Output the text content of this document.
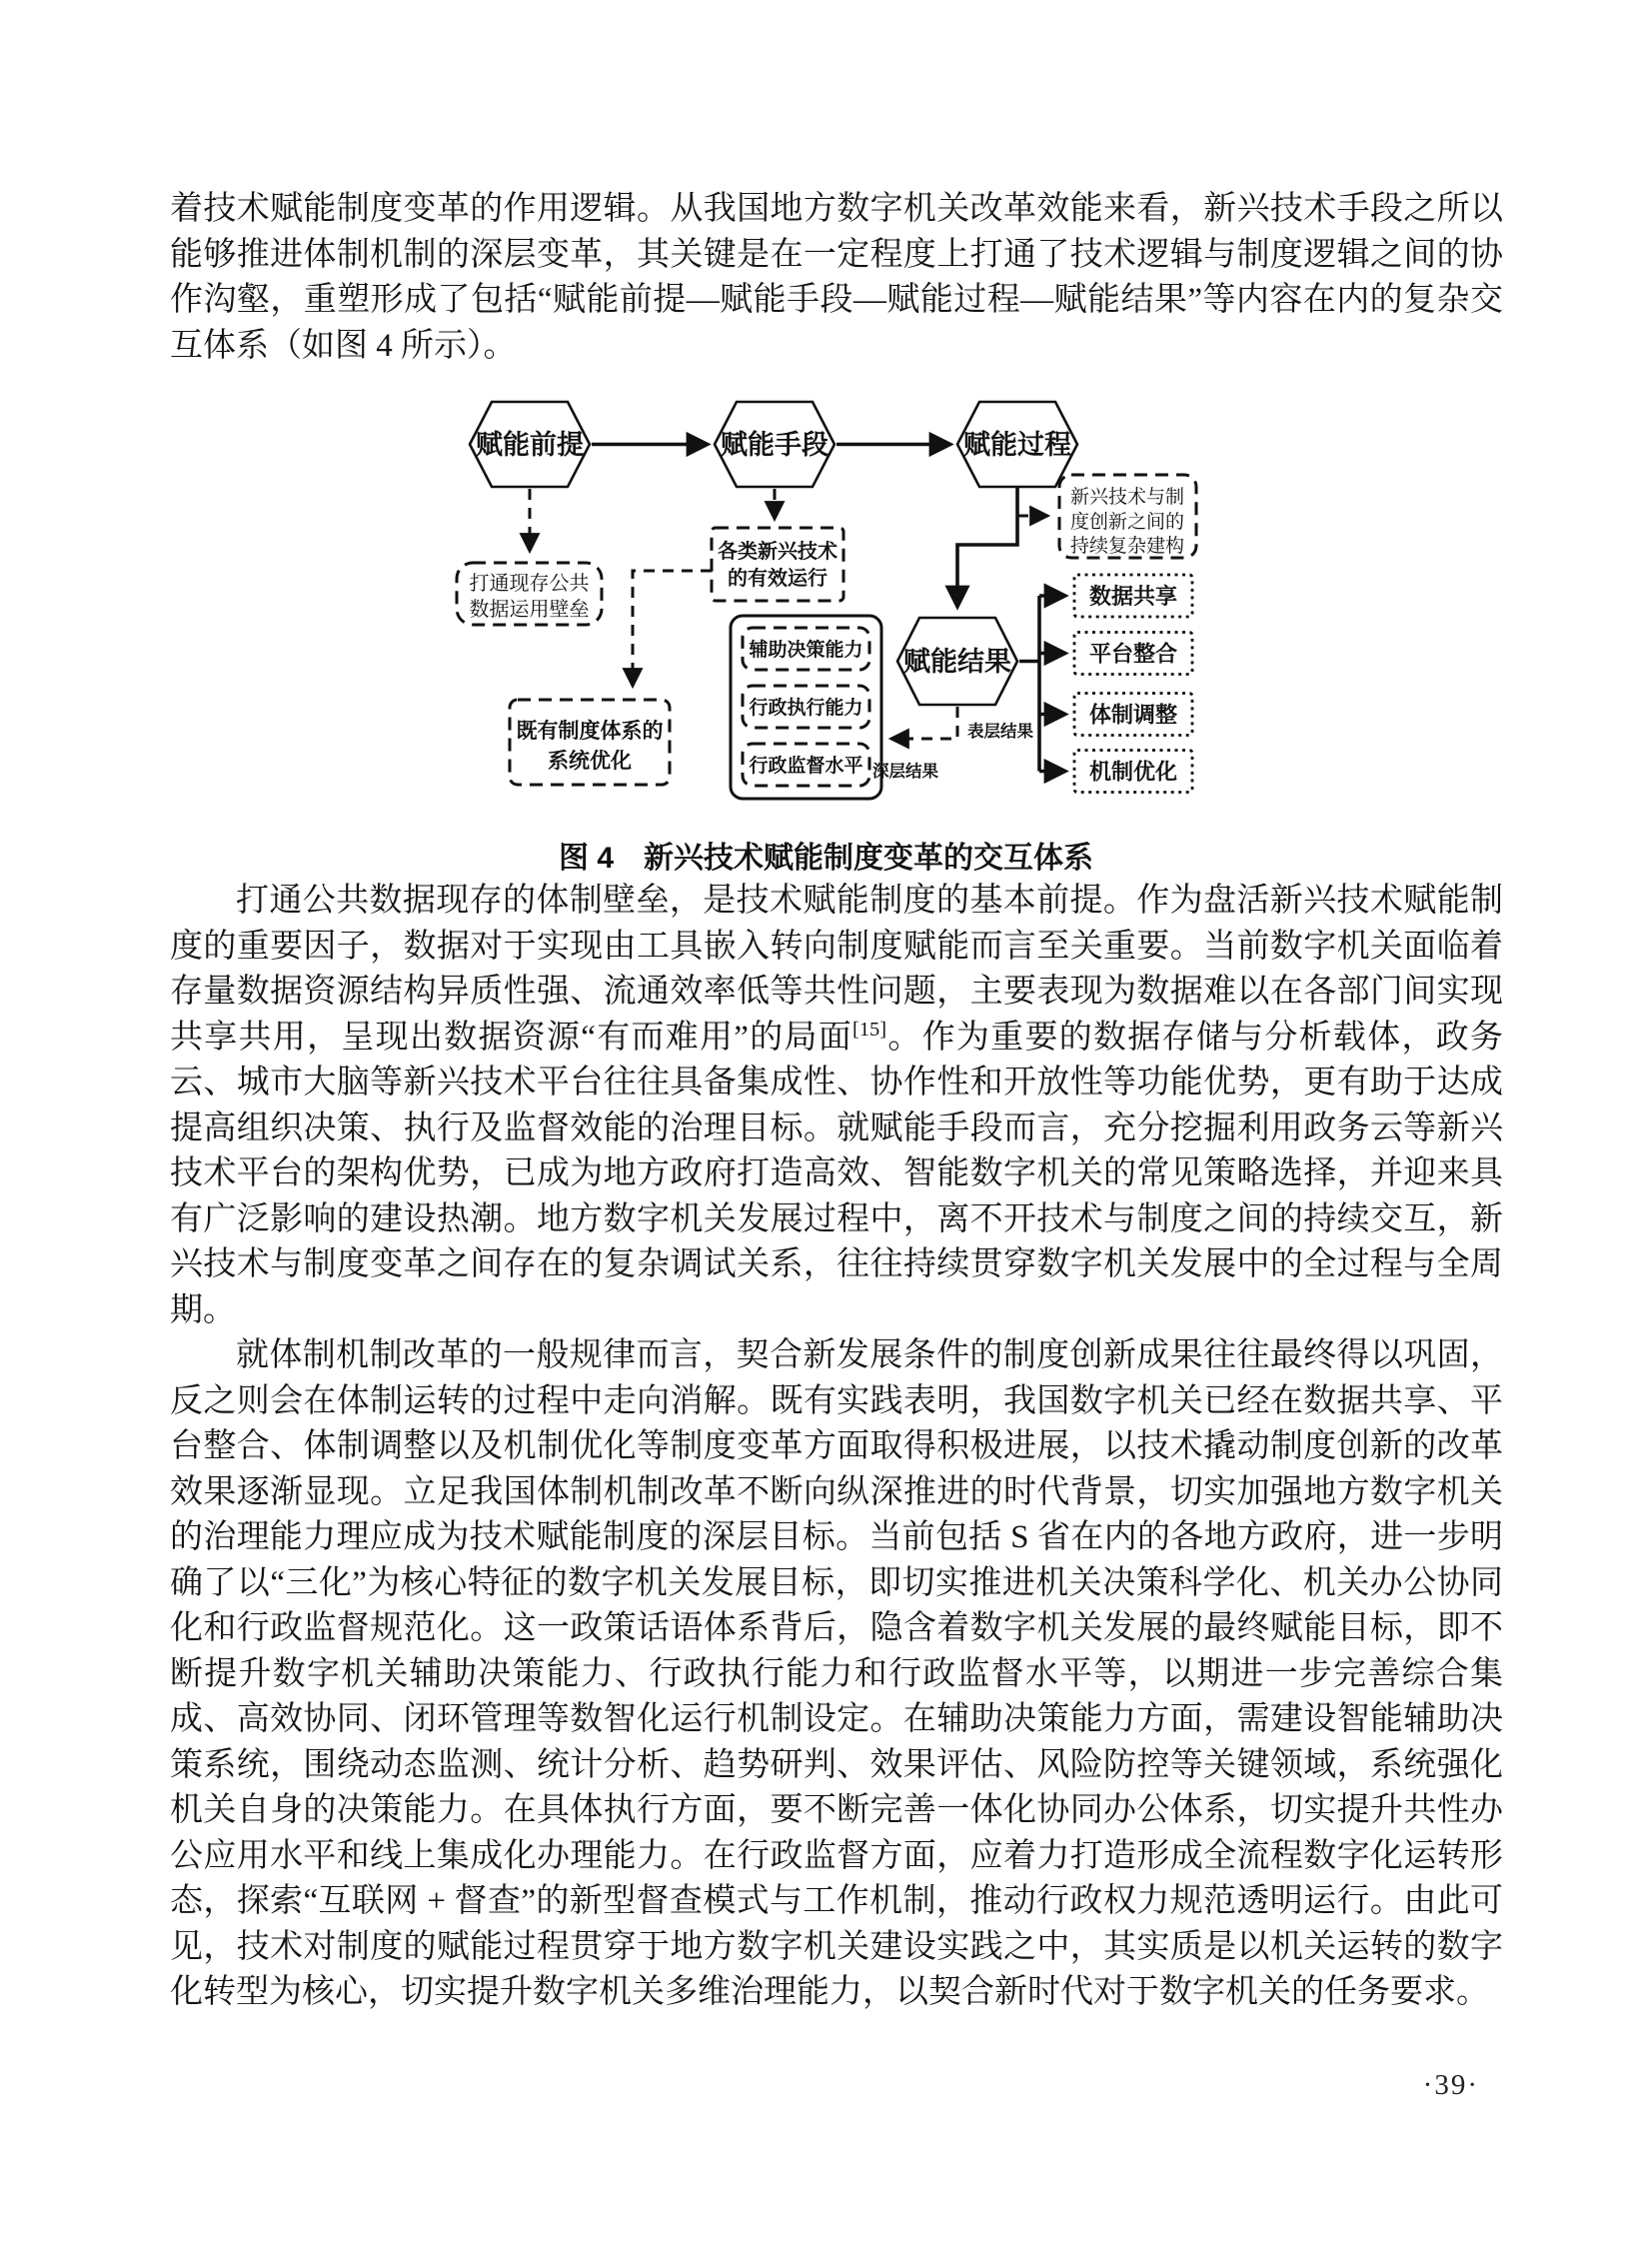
着技术赋能制度变革的作用逻辑。从我国地方数字机关改革效能来看，新兴技术手段之所以能够推进体制机制的深层变革，其关键是在一定程度上打通了技术逻辑与制度逻辑之间的协作沟壑，重塑形成了包括“赋能前提—赋能手段—赋能过程—赋能结果”等内容在内的复杂交互体系（如图 4 所示）。
赋能前提	赋能手段	赋能过程
赋能结果
新兴技术与制
度创新之间的
持续复杂建构
打通现存公共
数据运用壁垒
各类新兴技术
的有效运行
既有制度体系的
系统优化
辅助决策能力
行政执行能力
行政监督水平
数据共享
平台整合
体制调整
机制优化
表层结果
深层结果
图 4　新兴技术赋能制度变革的交互体系

打通公共数据现存的体制壁垒，是技术赋能制度的基本前提。作为盘活新兴技术赋能制度的重要因子，数据对于实现由工具嵌入转向制度赋能而言至关重要。当前数字机关面临着存量数据资源结构异质性强、流通效率低等共性问题，主要表现为数据难以在各部门间实现共享共用，呈现出数据资源“有而难用”的局面[15]。作为重要的数据存储与分析载体，政务云、城市大脑等新兴技术平台往往具备集成性、协作性和开放性等功能优势，更有助于达成提高组织决策、执行及监督效能的治理目标。就赋能手段而言，充分挖掘利用政务云等新兴技术平台的架构优势，已成为地方政府打造高效、智能数字机关的常见策略选择，并迎来具有广泛影响的建设热潮。地方数字机关发展过程中，离不开技术与制度之间的持续交互，新兴技术与制度变革之间存在的复杂调试关系，往往持续贯穿数字机关发展中的全过程与全周期。

就体制机制改革的一般规律而言，契合新发展条件的制度创新成果往往最终得以巩固，反之则会在体制运转的过程中走向消解。既有实践表明，我国数字机关已经在数据共享、平台整合、体制调整以及机制优化等制度变革方面取得积极进展，以技术撬动制度创新的改革效果逐渐显现。立足我国体制机制改革不断向纵深推进的时代背景，切实加强地方数字机关的治理能力理应成为技术赋能制度的深层目标。当前包括 S 省在内的各地方政府，进一步明确了以“三化”为核心特征的数字机关发展目标，即切实推进机关决策科学化、机关办公协同化和行政监督规范化。这一政策话语体系背后，隐含着数字机关发展的最终赋能目标，即不断提升数字机关辅助决策能力、行政执行能力和行政监督水平等，以期进一步完善综合集成、高效协同、闭环管理等数智化运行机制设定。在辅助决策能力方面，需建设智能辅助决策系统，围绕动态监测、统计分析、趋势研判、效果评估、风险防控等关键领域，系统强化机关自身的决策能力。在具体执行方面，要不断完善一体化协同办公体系，切实提升共性办公应用水平和线上集成化办理能力。在行政监督方面，应着力打造形成全流程数字化运转形态，探索“互联网 + 督查”的新型督查模式与工作机制，推动行政权力规范透明运行。由此可见，技术对制度的赋能过程贯穿于地方数字机关建设实践之中，其实质是以机关运转的数字化转型为核心，切实提升数字机关多维治理能力，以契合新时代对于数字机关的任务要求。

·39·
